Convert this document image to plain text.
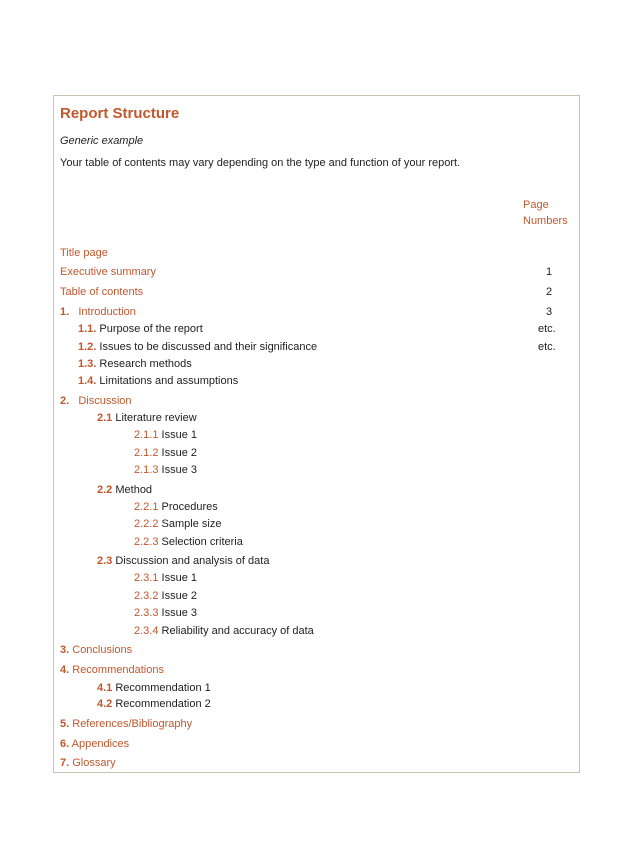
Report Structure
Generic example
Your table of contents may vary depending on the type and function of your report.
Page
Numbers
Title page
Executive summary	1
Table of contents	2
1. Introduction	3
1.1. Purpose of the report	etc.
1.2. Issues to be discussed and their significance	etc.
1.3. Research methods
1.4. Limitations and assumptions
2. Discussion
2.1 Literature review
2.1.1 Issue 1
2.1.2 Issue 2
2.1.3 Issue 3
2.2 Method
2.2.1 Procedures
2.2.2 Sample size
2.2.3 Selection criteria
2.3 Discussion and analysis of data
2.3.1 Issue 1
2.3.2 Issue 2
2.3.3 Issue 3
2.3.4 Reliability and accuracy of data
3. Conclusions
4. Recommendations
4.1 Recommendation 1
4.2 Recommendation 2
5. References/Bibliography
6. Appendices
7. Glossary
